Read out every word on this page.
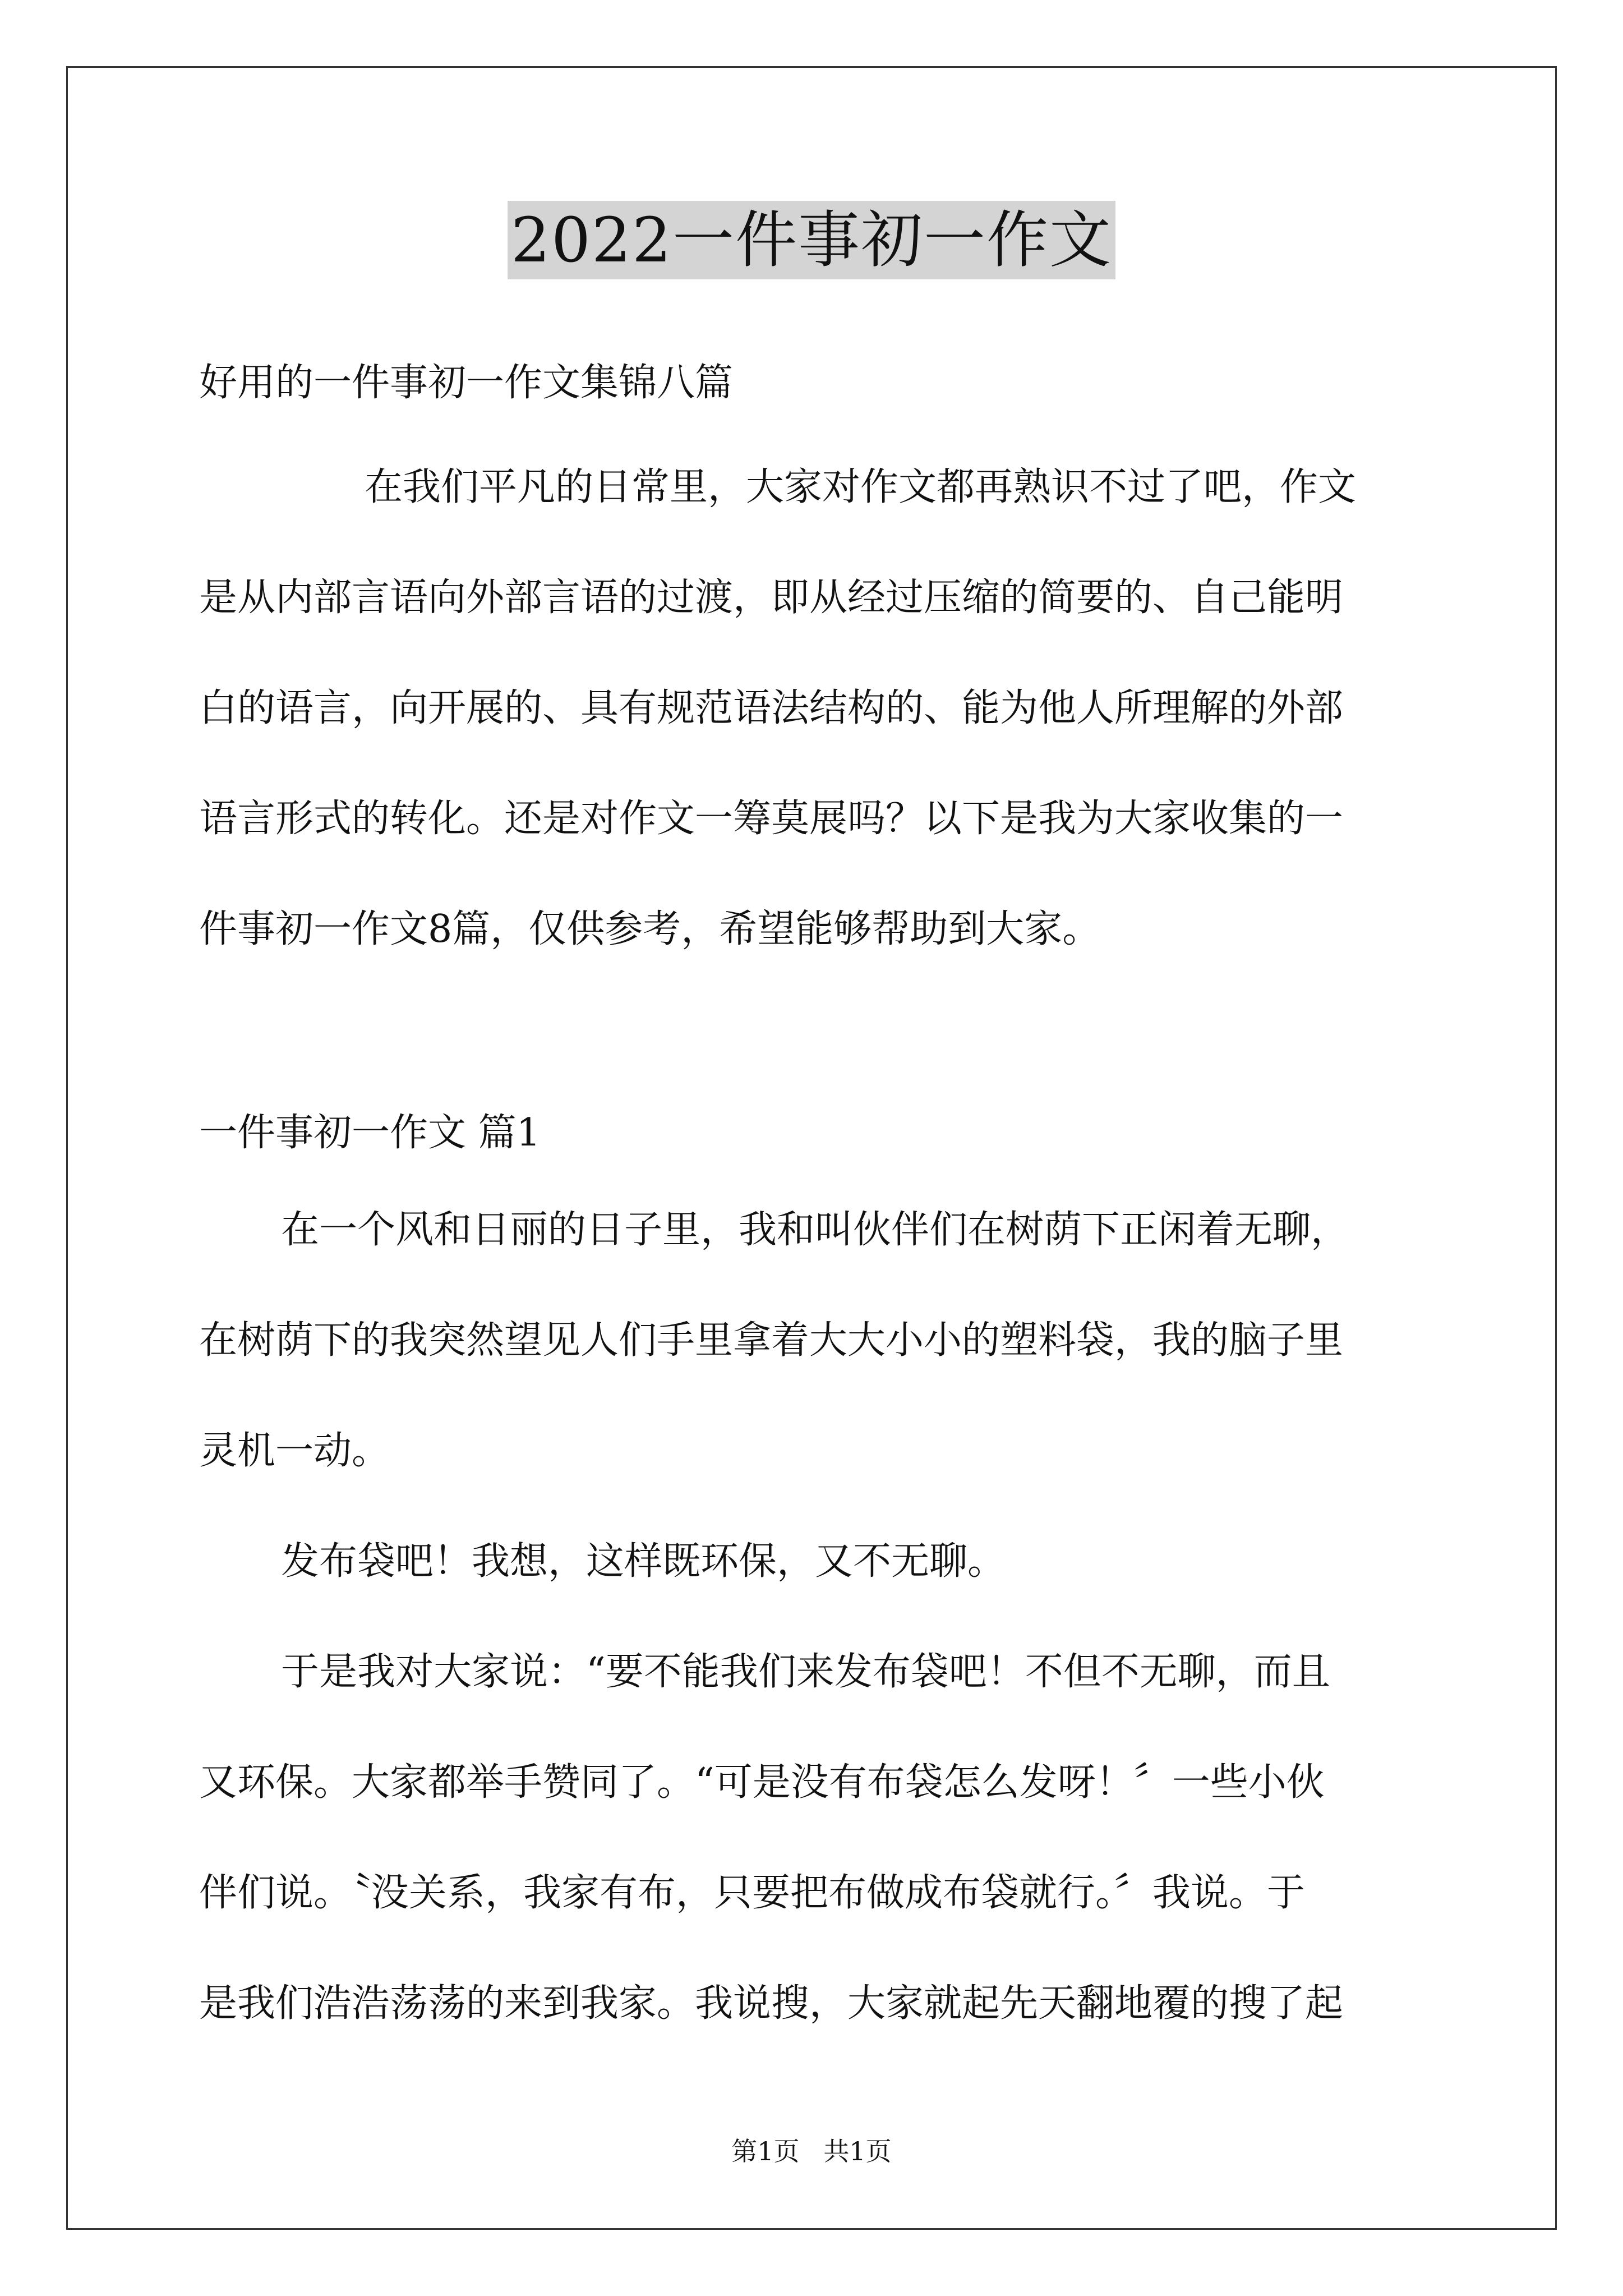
2022一件事初一作文

好用的一件事初一作文集锦八篇

在我们平凡的日常里，大家对作文都再熟识不过了吧，作文
是从内部言语向外部言语的过渡，即从经过压缩的简要的、自己能明
白的语言，向开展的、具有规范语法结构的、能为他人所理解的外部
语言形式的转化。还是对作文一筹莫展吗？以下是我为大家收集的一
件事初一作文8篇，仅供参考，希望能够帮助到大家。

一件事初一作文 篇1

在一个风和日丽的日子里，我和叫伙伴们在树荫下正闲着无聊，
在树荫下的我突然望见人们手里拿着大大小小的塑料袋，我的脑子里
灵机一动。
发布袋吧！我想，这样既环保，又不无聊。
于是我对大家说：“要不能我们来发布袋吧！不但不无聊，而且
又环保。大家都举手赞同了。“可是没有布袋怎么发呀！〞一些小伙
伴们说。〝没关系，我家有布，只要把布做成布袋就行。〞我说。于
是我们浩浩荡荡的来到我家。我说搜，大家就起先天翻地覆的搜了起
第1页 共1页
